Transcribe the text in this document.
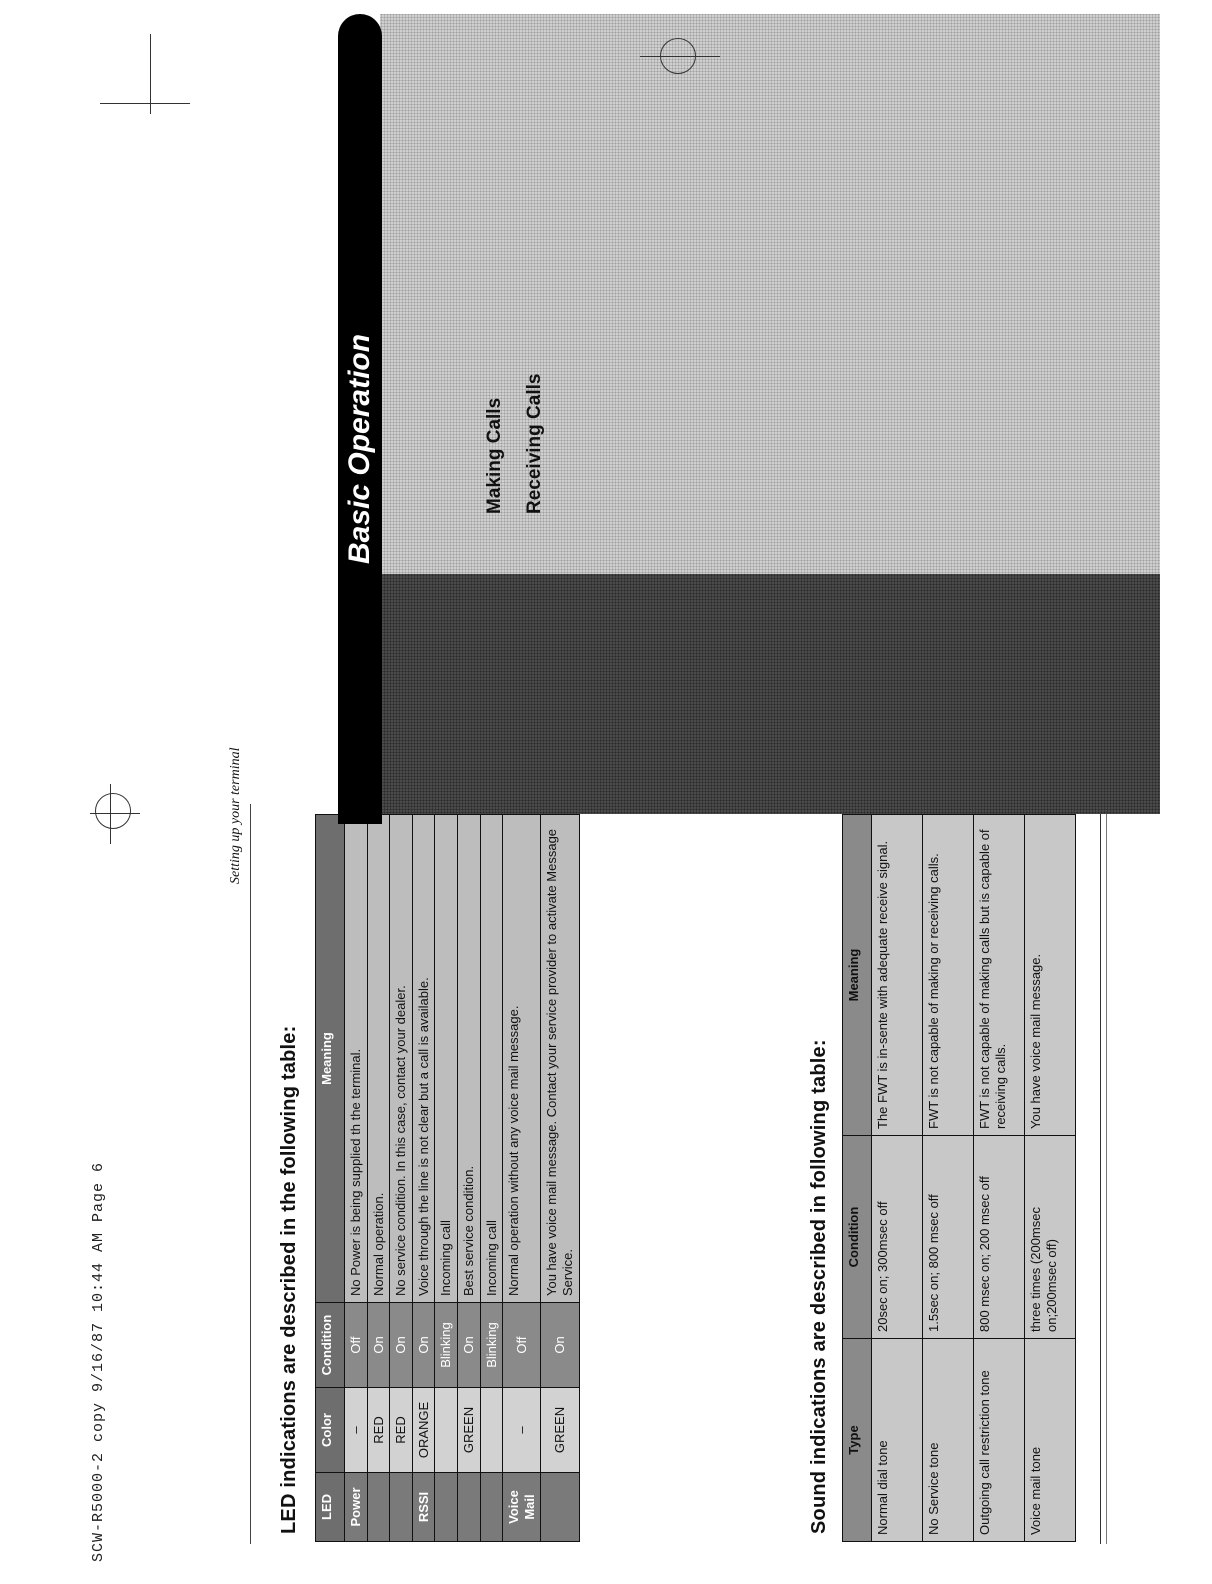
SCW-R5000-2 copy 9/16/87 10:44 AM Page 6
Setting up your terminal
LED indications are described in the following table: LED	Color	Condition	Meaning
Power	–	Off	No Power is being supplied th the terminal.
	RED	On	Normal operation.
	RED	On	No service condition. In this case, contact your dealer.
RSSI	ORANGE	On	Voice through the line is not clear but a call is available.
		Blinking	Incoming call
	GREEN	On	Best service condition.
		Blinking	Incoming call
Voice Mail	–	Off	Normal operation without any voice mail message.
	GREEN	On	You have voice mail message. Contact your service provider to activate Message Service.	Sound indications are described in following table: Type	Condition	Meaning
Normal dial tone	20sec on; 300msec off	The FWT is in-sente with adequate receive signal.
No Service tone	1.5sec on; 800 msec off	FWT is not capable of making or receiving calls.
Outgoing call restriction tone	800 msec on; 200 msec off	FWT is not capable of making calls but is capable of receiving calls.
Voice mail tone	three times (200msec on;200msec off)	You have voice mail message.
Basic Operation	Making Calls Receiving Calls
